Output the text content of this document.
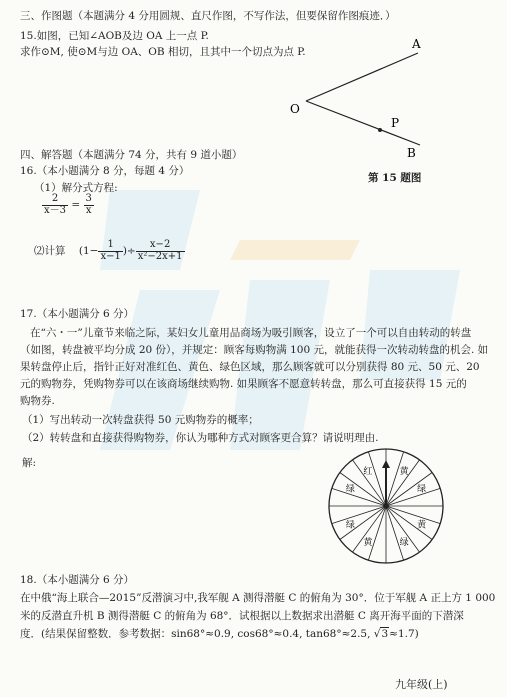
三、作图题（本题满分 4 分用圆规、直尺作图，不写作法，但要保留作图痕迹．）
15.如图，已知∠AOB及边 OA 上一点 P.
求作⊙M, 使⊙M与边 OA、OB 相切，且其中一个切点为点 P.
A
O
P
B
第 15 题图
四、解答题（本题满分 74 分，共有 9 道小题）
16.（本小题满分 8 分，每题 4 分）
（1）解分式方程:
$\frac{2}{x-3} = \frac{3}{x}$
⑵计算 ($1- \frac{1}{x-1}$ )÷ $\frac{x-2}{\text{x²−2x+1}}$
17.（本小题满分 6 分）
在“六・一”儿童节来临之际，某妇女儿童用品商场为吸引顾客，设立了一个可以自由转动的转盘
（如图，转盘被平均分成 20 份），并规定：顾客每购物满 100 元，就能获得一次转动转盘的机会. 如
果转盘停止后，指针正好对准红色、黄色、绿色区域，那么顾客就可以分别获得 80 元、50 元、20
元的购物券，凭购物券可以在该商场继续购物. 如果顾客不愿意转转盘，那么可直接获得 15 元的
购物券.
（1）写出转动一次转盘获得 50 元购物券的概率；
（2）转转盘和直接获得购物券，你认为哪种方式对顾客更合算？请说明理由.
解:
黄
红
绿
绿
黄	绿
黄
绿
18.（本小题满分 6 分）
在中俄“海上联合—2015”反潜演习中,我军舰 A 测得潜艇 C 的俯角为 30°．位于军舰 A 正上方 1 000
米的反潜直升机 B 测得潜艇 C 的俯角为 68°．试根据以上数据求出潜艇 C 离开海平面的下潜深
度．(结果保留整数．参考数据：sin68°≈0.9, cos68°≈0.4, tan68°≈2.5, √3≈1.7)
九年级(上)
